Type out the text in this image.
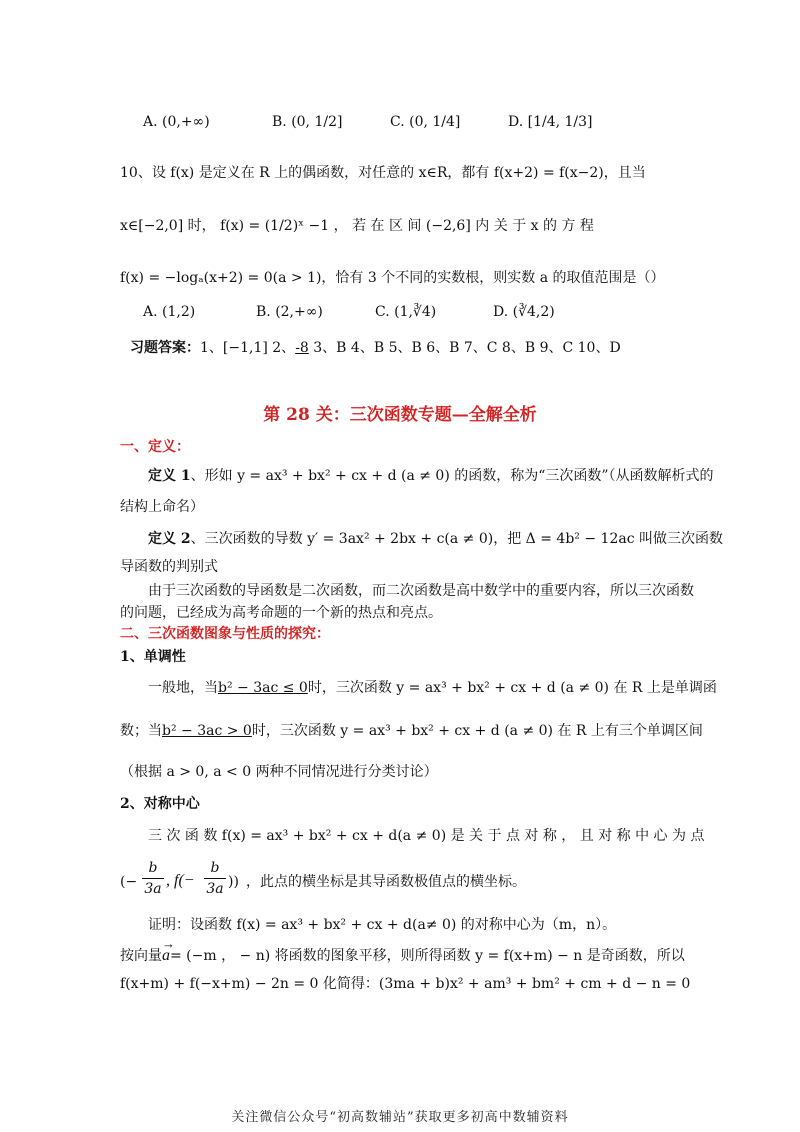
A. (0,+∞)	B. (0, 1/2]	C. (0, 1/4]	D. [1/4, 1/3]
10、设 f(x) 是定义在 R 上的偶函数，对任意的 x∈R，都有 f(x+2) = f(x−2)，且当
x∈[−2,0] 时， f(x) = (1/2)ˣ −1 ， 若 在 区 间 (−2,6] 内 关 于 x 的 方 程
f(x) = −logₐ(x+2) = 0(a > 1)，恰有 3 个不同的实数根，则实数 a 的取值范围是（）
A. (1,2)	B. (2,+∞)	C. (1,∛4)	D. (∛4,2)
习题答案：1、[−1,1] 2、-8 3、B 4、B 5、B 6、B 7、C 8、B 9、C 10、D
第 28 关：三次函数专题—全解全析
一、定义：
定义 1、形如 y = ax³ + bx² + cx + d (a ≠ 0) 的函数，称为“三次函数”（从函数解析式的
结构上命名）
定义 2、三次函数的导数 y′ = 3ax² + 2bx + c(a ≠ 0)，把 Δ = 4b² − 12ac 叫做三次函数
导函数的判别式
由于三次函数的导函数是二次函数，而二次函数是高中数学中的重要内容，所以三次函数
的问题，已经成为高考命题的一个新的热点和亮点。
二、三次函数图象与性质的探究：
1、单调性
一般地，当b² − 3ac ≤ 0时，三次函数 y = ax³ + bx² + cx + d (a ≠ 0) 在 R 上是单调函
数；当b² − 3ac > 0时，三次函数 y = ax³ + bx² + cx + d (a ≠ 0) 在 R 上有三个单调区间
（根据 a > 0, a < 0 两种不同情况进行分类讨论）
2、对称中心
三 次 函 数 f(x) = ax³ + bx² + cx + d(a ≠ 0) 是 关 于 点 对 称 ， 且 对 称 中 心 为 点
(− $\frac{b}{3a}$ , $f(- \frac{b}{3a}$ )) ，此点的横坐标是其导函数极值点的横坐标。
证明：设函数 f(x) = ax³ + bx² + cx + d(a≠ 0) 的对称中心为（m，n）。
按向量→ a= (−m ， − n) 将函数的图象平移，则所得函数 y = f(x+m) − n 是奇函数，所以
f(x+m) + f(−x+m) − 2n = 0 化简得：(3ma + b)x² + am³ + bm² + cm + d − n = 0
关注微信公众号“初高数辅站”获取更多初高中数辅资料
